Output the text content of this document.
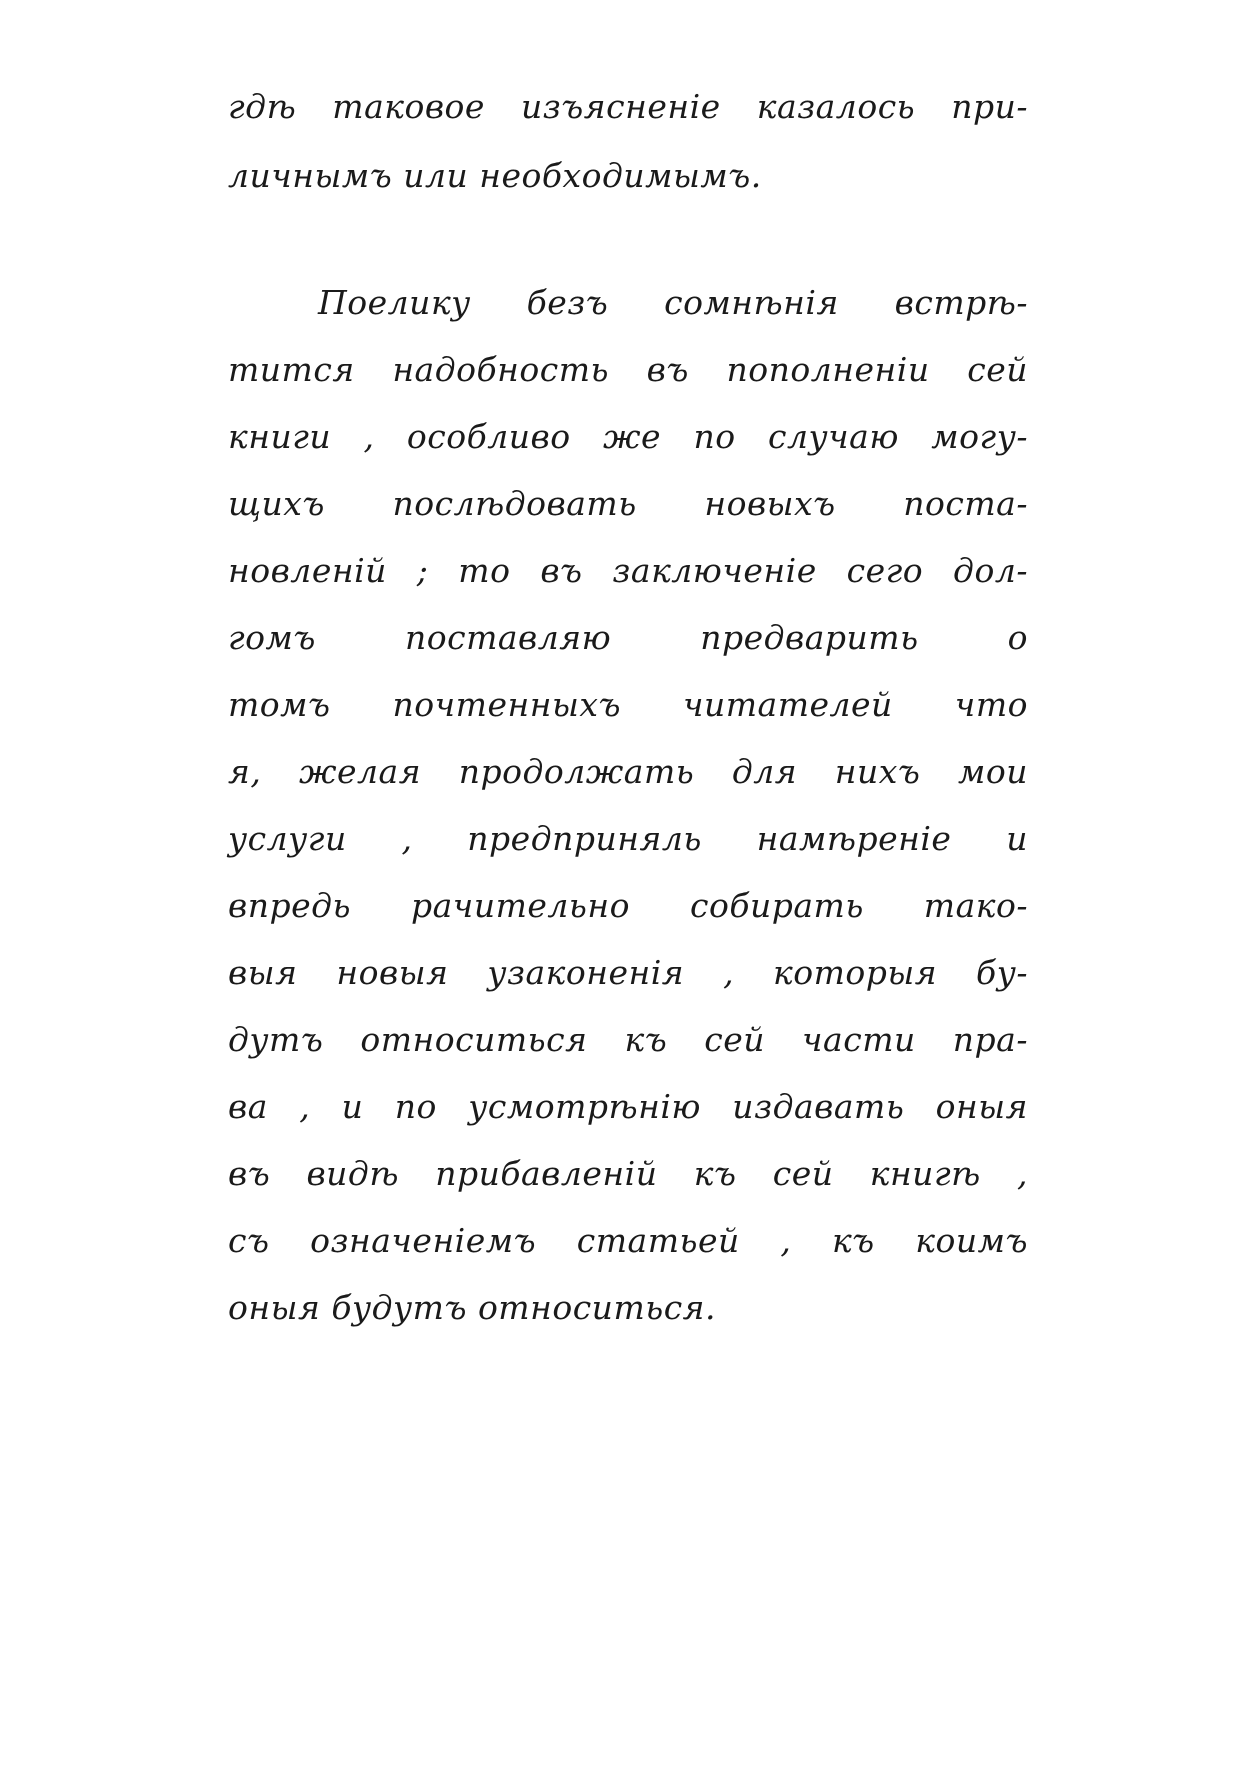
гдѣ таковое изъясненіе казалось при-
личнымъ или необходимымъ.
Поелику безъ сомнѣнія встрѣ-
тится надобность въ пополненіи сей
книги , особливо же по случаю могу-
щихъ послѣдовать новыхъ поста-
новленій ; то въ заключеніе сего дол-
гомъ поставляю предварить о
томъ почтенныхъ читателей что
я, желая продолжать для нихъ мои
услуги , предприняль намѣреніе и
впредь рачительно собирать тако-
выя новыя узаконенія , которыя бу-
дутъ относиться къ сей части пра-
ва , и по усмотрѣнію издавать оныя
въ видѣ прибавленій къ сей книгѣ ,
съ означеніемъ статьей , къ коимъ
оныя будутъ относиться.
